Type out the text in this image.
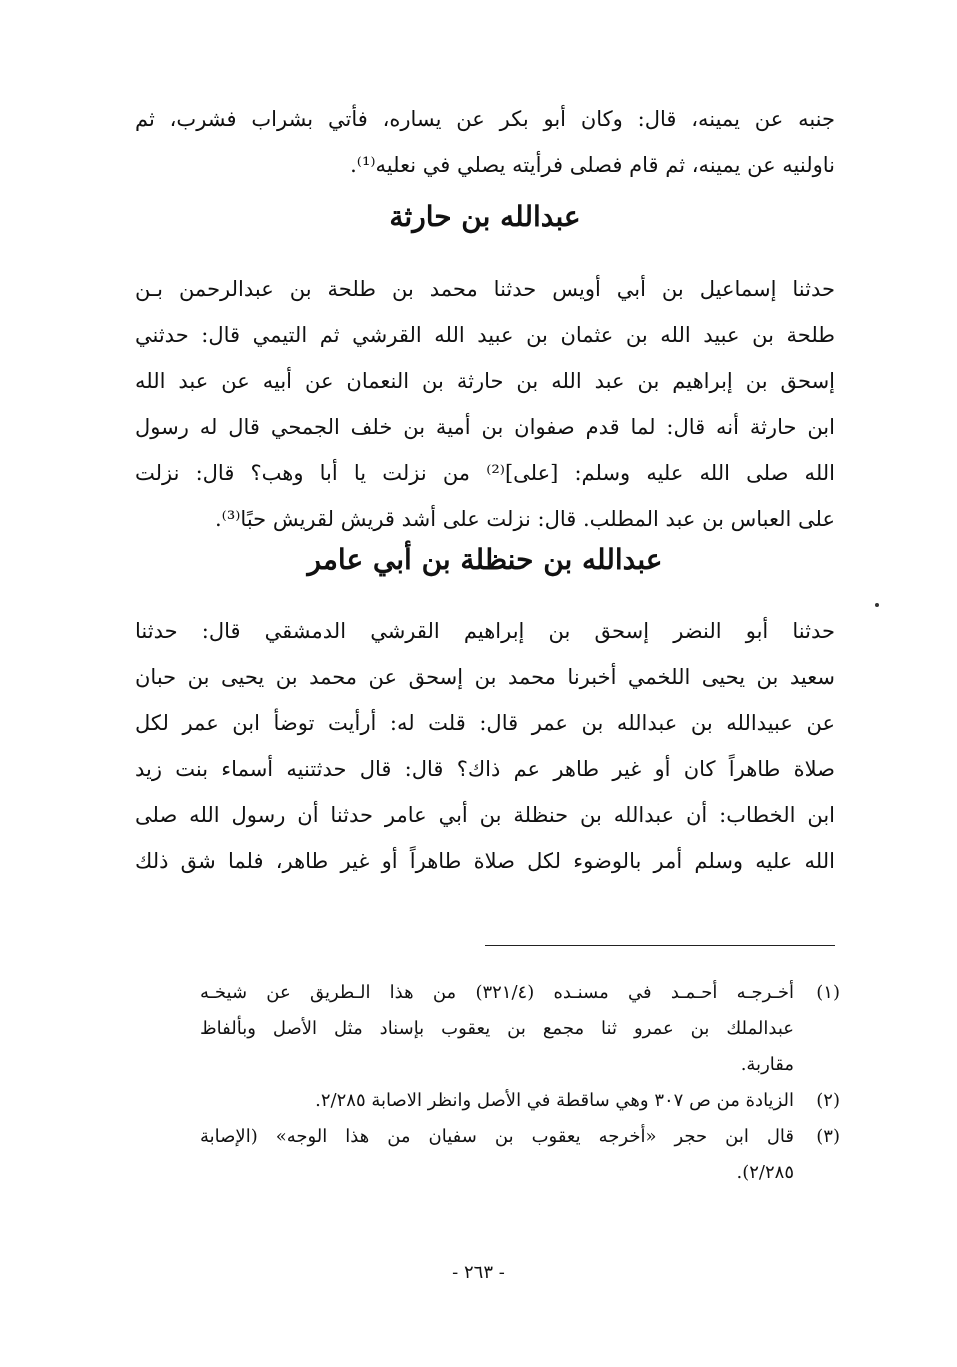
جنبه عن يمينه، قال: وكان أبو بكر عن يساره، فأتي بشراب فشرب، ثم
ناولنيه عن يمينه، ثم قام فصلى فرأيته يصلي في نعليه⁽¹⁾.
عبدالله بن حارثة
حدثنا إسماعيل بن أبي أويس حدثنا محمد بن طلحة بن عبدالرحمن بـن
طلحة بن عبيد الله بن عثمان بن عبيد الله القرشي ثم التيمي قال: حدثني
إسحق بن إبراهيم بن عبد الله بن حارثة بن النعمان عن أبيه عن عبد الله
ابن حارثة أنه قال: لما قدم صفوان بن أمية بن خلف الجمحي قال له رسول
الله صلى الله عليه وسلم: [على]⁽²⁾ من نزلت يا أبا وهب؟ قال: نزلت
على العباس بن عبد المطلب. قال: نزلت على أشد قريش لقريش حبًا⁽³⁾.
عبدالله بن حنظلة بن أبي عامر
حدثنا أبو النضر إسحق بن إبراهيم القرشي الدمشقي قال: حدثنا
سعيد بن يحيى اللخمي أخبرنا محمد بن إسحق عن محمد بن يحيى بن حبان
عن عبيدالله بن عبدالله بن عمر قال: قلت له: أرأيت توضأ ابن عمر لكل
صلاة طاهراً كان أو غير طاهر عم ذاك؟ قال: قال حدثتنيه أسماء بنت زيد
ابن الخطاب: أن عبدالله بن حنظلة بن أبي عامر حدثنا أن رسول الله صلى
الله عليه وسلم أمر بالوضوء لكل صلاة طاهراً أو غير طاهر، فلما شق ذلك
(١)
أخـرجـه أحـمـد في مسنـده (٣٢١/٤) من هذا الـطريق عن شيخـه
عبدالملك بن عمرو ثنا مجمع بن يعقوب بإسناد مثل الأصل وبألفاظ
مقاربة.
(٢)
الزيادة من ص ٣٠٧ وهي ساقطة في الأصل وانظر الاصابة ٢/٢٨٥.
(٣)
قال ابن حجر «أخرجه يعقوب بن سفيان من هذا الوجه» (الإصابة
٢/٢٨٥).
- ٢٦٣ -
